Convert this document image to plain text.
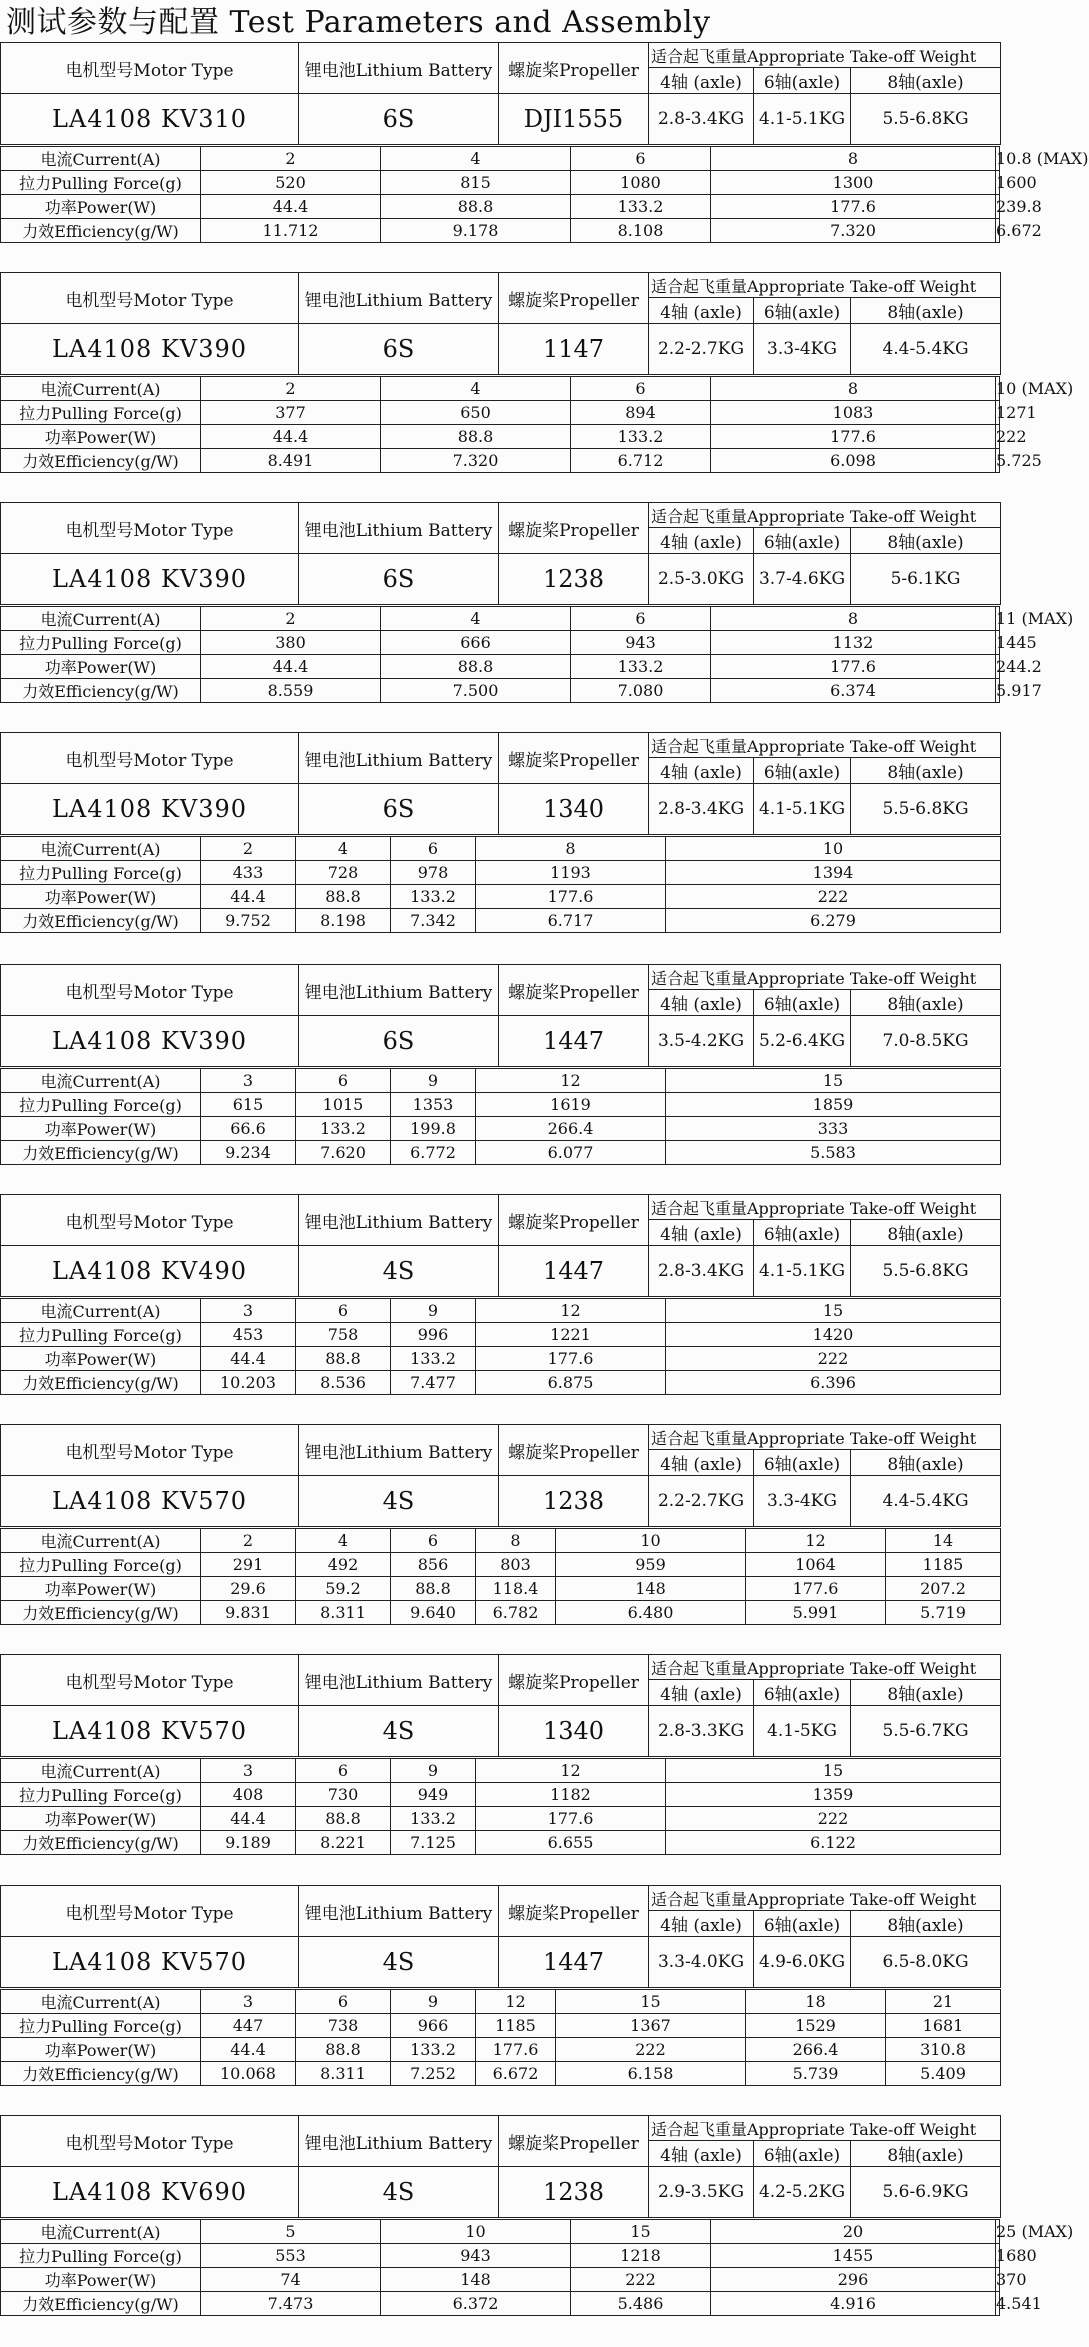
测试参数与配置 Test Parameters and Assembly
电机型号Motor Type	锂电池Lithium Battery	螺旋桨Propeller	适合起飞重量Appropriate Take-off Weight		
			4轴 (axle)	6轴(axle)	8轴(axle)
LA4108 KV310	6S	DJI1555	2.8-3.4KG	4.1-5.1KG	5.5-6.8KG
电流Current(A)	2	4	6	8	10.8 (MAX)
拉力Pulling Force(g)	520	815	1080	1300	1600
功率Power(W)	44.4	88.8	133.2	177.6	239.8
力效Efficiency(g/W)	11.712	9.178	8.108	7.320	6.672
电机型号Motor Type	锂电池Lithium Battery	螺旋桨Propeller	适合起飞重量Appropriate Take-off Weight		
			4轴 (axle)	6轴(axle)	8轴(axle)
LA4108 KV390	6S	1147	2.2-2.7KG	3.3-4KG	4.4-5.4KG
电流Current(A)	2	4	6	8	10 (MAX)
拉力Pulling Force(g)	377	650	894	1083	1271
功率Power(W)	44.4	88.8	133.2	177.6	222
力效Efficiency(g/W)	8.491	7.320	6.712	6.098	5.725
电机型号Motor Type	锂电池Lithium Battery	螺旋桨Propeller	适合起飞重量Appropriate Take-off Weight		
			4轴 (axle)	6轴(axle)	8轴(axle)
LA4108 KV390	6S	1238	2.5-3.0KG	3.7-4.6KG	5-6.1KG
电流Current(A)	2	4	6	8	11 (MAX)
拉力Pulling Force(g)	380	666	943	1132	1445
功率Power(W)	44.4	88.8	133.2	177.6	244.2
力效Efficiency(g/W)	8.559	7.500	7.080	6.374	5.917
电机型号Motor Type	锂电池Lithium Battery	螺旋桨Propeller	适合起飞重量Appropriate Take-off Weight		
			4轴 (axle)	6轴(axle)	8轴(axle)
LA4108 KV390	6S	1340	2.8-3.4KG	4.1-5.1KG	5.5-6.8KG
电流Current(A)	2	4	6	8	10	
拉力Pulling Force(g)	433	728	978	1193	1394	
功率Power(W)	44.4	88.8	133.2	177.6	222	
力效Efficiency(g/W)	9.752	8.198	7.342	6.717	6.279	
电机型号Motor Type	锂电池Lithium Battery	螺旋桨Propeller	适合起飞重量Appropriate Take-off Weight		
			4轴 (axle)	6轴(axle)	8轴(axle)
LA4108 KV390	6S	1447	3.5-4.2KG	5.2-6.4KG	7.0-8.5KG
电流Current(A)	3	6	9	12	15	
拉力Pulling Force(g)	615	1015	1353	1619	1859	
功率Power(W)	66.6	133.2	199.8	266.4	333	
力效Efficiency(g/W)	9.234	7.620	6.772	6.077	5.583	
电机型号Motor Type	锂电池Lithium Battery	螺旋桨Propeller	适合起飞重量Appropriate Take-off Weight		
			4轴 (axle)	6轴(axle)	8轴(axle)
LA4108 KV490	4S	1447	2.8-3.4KG	4.1-5.1KG	5.5-6.8KG
电流Current(A)	3	6	9	12	15	
拉力Pulling Force(g)	453	758	996	1221	1420	
功率Power(W)	44.4	88.8	133.2	177.6	222	
力效Efficiency(g/W)	10.203	8.536	7.477	6.875	6.396	
电机型号Motor Type	锂电池Lithium Battery	螺旋桨Propeller	适合起飞重量Appropriate Take-off Weight		
			4轴 (axle)	6轴(axle)	8轴(axle)
LA4108 KV570	4S	1238	2.2-2.7KG	3.3-4KG	4.4-5.4KG
电流Current(A)	2	4	6	8	10	12	14	
拉力Pulling Force(g)	291	492	856	803	959	1064	1185	
功率Power(W)	29.6	59.2	88.8	118.4	148	177.6	207.2	
力效Efficiency(g/W)	9.831	8.311	9.640	6.782	6.480	5.991	5.719	
电机型号Motor Type	锂电池Lithium Battery	螺旋桨Propeller	适合起飞重量Appropriate Take-off Weight		
			4轴 (axle)	6轴(axle)	8轴(axle)
LA4108 KV570	4S	1340	2.8-3.3KG	4.1-5KG	5.5-6.7KG
电流Current(A)	3	6	9	12	15	
拉力Pulling Force(g)	408	730	949	1182	1359	
功率Power(W)	44.4	88.8	133.2	177.6	222	
力效Efficiency(g/W)	9.189	8.221	7.125	6.655	6.122	
电机型号Motor Type	锂电池Lithium Battery	螺旋桨Propeller	适合起飞重量Appropriate Take-off Weight		
			4轴 (axle)	6轴(axle)	8轴(axle)
LA4108 KV570	4S	1447	3.3-4.0KG	4.9-6.0KG	6.5-8.0KG
电流Current(A)	3	6	9	12	15	18	21	
拉力Pulling Force(g)	447	738	966	1185	1367	1529	1681	
功率Power(W)	44.4	88.8	133.2	177.6	222	266.4	310.8	
力效Efficiency(g/W)	10.068	8.311	7.252	6.672	6.158	5.739	5.409	
电机型号Motor Type	锂电池Lithium Battery	螺旋桨Propeller	适合起飞重量Appropriate Take-off Weight		
			4轴 (axle)	6轴(axle)	8轴(axle)
LA4108 KV690	4S	1238	2.9-3.5KG	4.2-5.2KG	5.6-6.9KG
电流Current(A)	5	10	15	20	25 (MAX)
拉力Pulling Force(g)	553	943	1218	1455	1680
功率Power(W)	74	148	222	296	370
力效Efficiency(g/W)	7.473	6.372	5.486	4.916	4.541
